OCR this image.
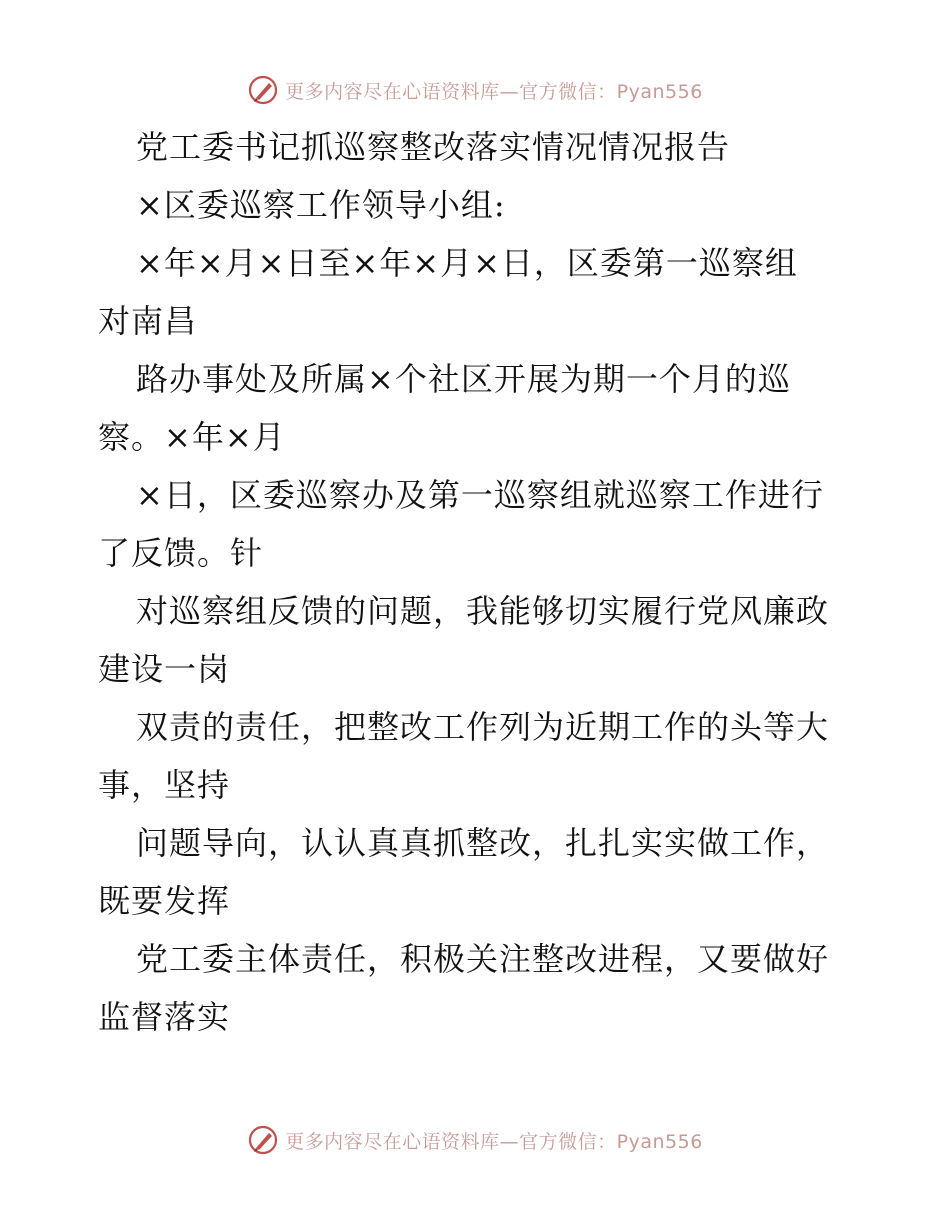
更多内容尽在心语资料库—官方微信：Pyan556
党工委书记抓巡察整改落实情况情况报告
×区委巡察工作领导小组:
×年×月×日至×年×月×日，区委第一巡察组
对南昌
路办事处及所属×个社区开展为期一个月的巡
察。×年×月
×日，区委巡察办及第一巡察组就巡察工作进行
了反馈。针
对巡察组反馈的问题，我能够切实履行党风廉政
建设一岗
双责的责任，把整改工作列为近期工作的头等大
事，坚持
问题导向，认认真真抓整改，扎扎实实做工作，
既要发挥
党工委主体责任，积极关注整改进程，又要做好
监督落实
更多内容尽在心语资料库—官方微信：Pyan556
